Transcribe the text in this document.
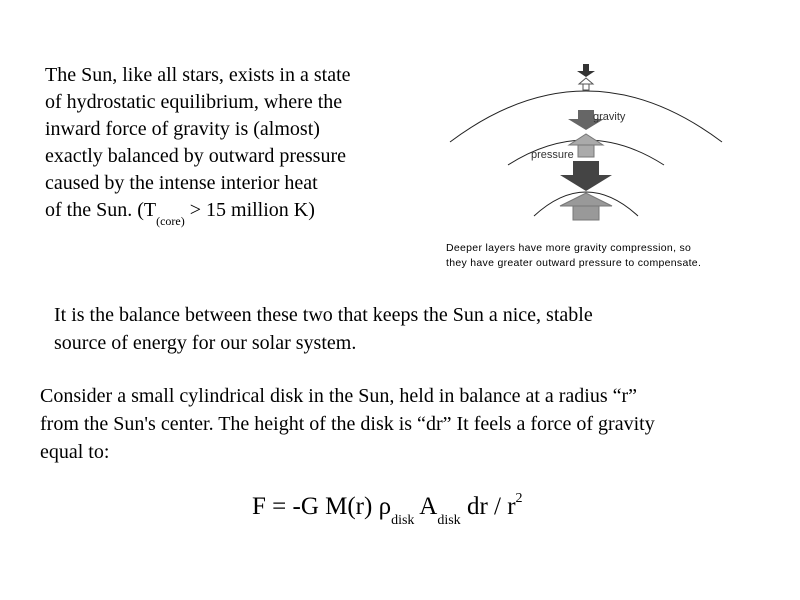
The Sun, like all stars, exists in a state
of hydrostatic equilibrium, where the
inward force of gravity is (almost)
exactly balanced by outward pressure
caused by the intense interior heat
of the Sun. ($T_{(core)} > 15$ million K)
gravity
pressure
Deeper layers have more gravity compression, so
they have greater outward pressure to compensate.
It is the balance between these two that keeps the Sun a nice, stable
source of energy for our solar system.
Consider a small cylindrical disk in the Sun, held in balance at a radius “r”
from the Sun's center. The height of the disk is “dr” It feels a force of gravity
equal to:
F = -G M(r) $\rho_{disk}$ $A_{disk}$ dr / $r^2$
